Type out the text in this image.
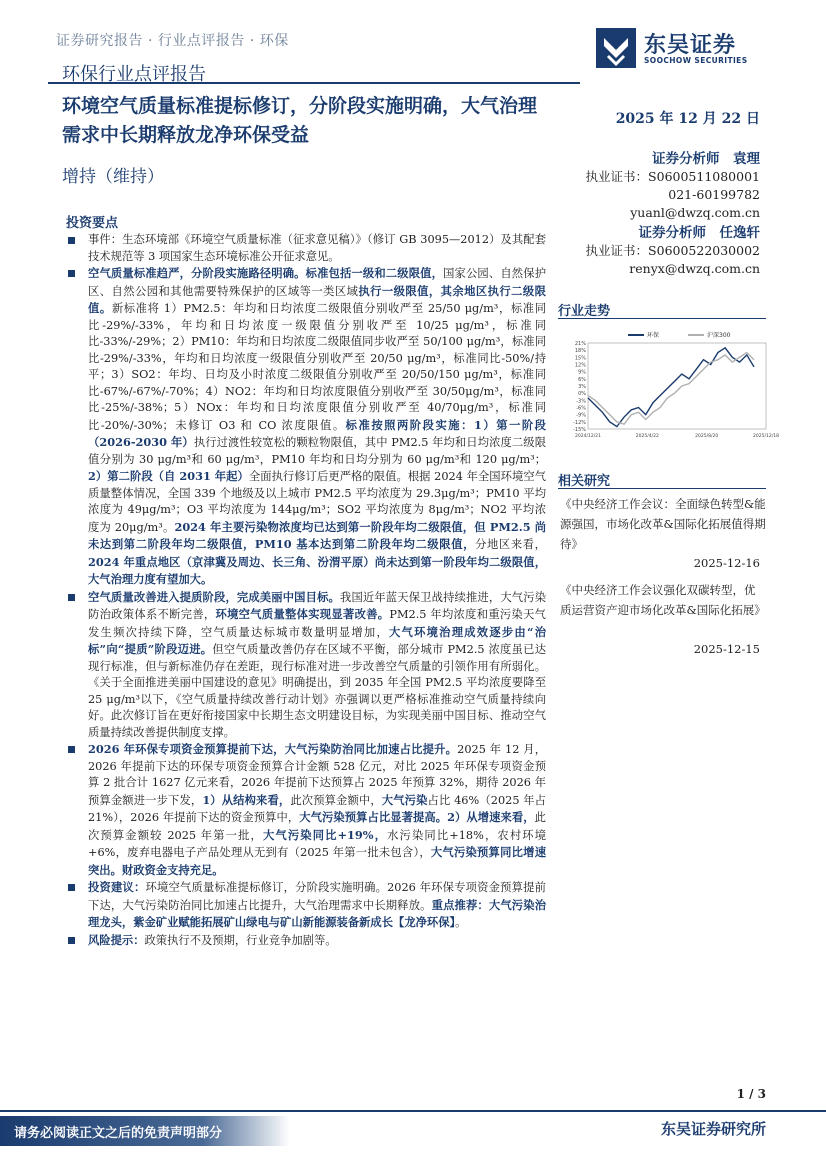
证券研究报告 · 行业点评报告 · 环保	东吴证券
SOOCHOW SECURITIES
环保行业点评报告
环境空气质量标准提标修订，分阶段实施明确，大气治理需求中长期释放龙净环保受益
增持（维持）
2025 年 12 月 22 日
证券分析师　袁理
执业证书：S0600511080001
021-60199782
yuanl@dwzq.com.cn
证券分析师　任逸轩
执业证书：S0600522030002
renyx@dwzq.com.cn
投资要点

事件：生态环境部《环境空气质量标准（征求意见稿）》（修订 GB 3095—2012）及其配套技术规范等 3 项国家生态环境标准公开征求意见。

空气质量标准趋严，分阶段实施路径明确。标准包括一级和二级限值，国家公园、自然保护区、自然公园和其他需要特殊保护的区域等一类区域执行一级限值，其余地区执行二级限值。新标准将 1）PM2.5：年均和日均浓度二级限值分别收严至 25/50 μg/m³，标准同比-29%/-33%，年均和日均浓度一级限值分别收严至 10/25 μg/m³，标准同比-33%/-29%；2）PM10：年均和日均浓度二级限值同步收严至 50/100 μg/m³，标准同比-29%/-33%，年均和日均浓度一级限值分别收严至 20/50 μg/m³，标准同比-50%/持平；3）SO2：年均、日均及小时浓度二级限值分别收严至 20/50/150 μg/m³，标准同比-67%/-67%/-70%；4）NO2：年均和日均浓度限值分别收严至 30/50μg/m³，标准同比-25%/-38%；5）NOx：年均和日均浓度限值分别收严至 40/70μg/m³，标准同比-20%/-30%；未修订 O3 和 CO 浓度限值。标准按照两阶段实施：1）第一阶段（2026-2030 年）执行过渡性较宽松的颗粒物限值，其中 PM2.5 年均和日均浓度二级限值分别为 30 μg/m³和 60 μg/m³，PM10 年均和日均分别为 60 μg/m³和 120 μg/m³；2）第二阶段（自 2031 年起）全面执行修订后更严格的限值。根据 2024 年全国环境空气质量整体情况，全国 339 个地级及以上城市 PM2.5 平均浓度为 29.3μg/m³；PM10 平均浓度为 49μg/m³；O3 平均浓度为 144μg/m³；SO2 平均浓度为 8μg/m³；NO2 平均浓度为 20μg/m³。2024 年主要污染物浓度均已达到第一阶段年均二级限值，但 PM2.5 尚未达到第二阶段年均二级限值，PM10 基本达到第二阶段年均二级限值，分地区来看，2024 年重点地区（京津冀及周边、长三角、汾渭平原）尚未达到第一阶段年均二级限值，大气治理力度有望加大。

空气质量改善进入提质阶段，完成美丽中国目标。我国近年蓝天保卫战持续推进，大气污染防治政策体系不断完善，环境空气质量整体实现显著改善。PM2.5 年均浓度和重污染天气发生频次持续下降，空气质量达标城市数量明显增加，大气环境治理成效逐步由“治标”向“提质”阶段迈进。但空气质量改善仍存在区域不平衡，部分城市 PM2.5 浓度虽已达现行标准，但与新标准仍存在差距，现行标准对进一步改善空气质量的引领作用有所弱化。《关于全面推进美丽中国建设的意见》明确提出，到 2035 年全国 PM2.5 平均浓度要降至 25 μg/m³以下，《空气质量持续改善行动计划》亦强调以更严格标准推动空气质量持续向好。此次修订旨在更好衔接国家中长期生态文明建设目标，为实现美丽中国目标、推动空气质量持续改善提供制度支撑。

2026 年环保专项资金预算提前下达，大气污染防治同比加速占比提升。2025 年 12 月，2026 年提前下达的环保专项资金预算合计金额 528 亿元，对比 2025 年环保专项资金预算 2 批合计 1627 亿元来看，2026 年提前下达预算占 2025 年预算 32%，期待 2026 年预算金额进一步下发，1）从结构来看，此次预算金额中，大气污染占比 46%（2025 年占 21%），2026 年提前下达的资金预算中，大气污染预算占比显著提高。2）从增速来看，此次预算金额较 2025 年第一批，大气污染同比+19%，水污染同比+18%，农村环境+6%，废弃电器电子产品处理从无到有（2025 年第一批未包含），大气污染预算同比增速突出。财政资金支持充足。

投资建议：环境空气质量标准提标修订，分阶段实施明确。2026 年环保专项资金预算提前下达，大气污染防治同比加速占比提升，大气治理需求中长期释放。重点推荐：大气污染治理龙头，紫金矿业赋能拓展矿山绿电与矿山新能源装备新成长【龙净环保】。

风险提示：政策执行不及预期，行业竞争加剧等。

行业走势
21%
18%
15%
12%
9%
6%
3%
0%
-3%
-6%
-9%
-12%
-15%
2024/12/21	2025/4/22	2025/8/20	2025/12/18
环保	沪深300
相关研究
《中央经济工作会议：全面绿色转型&能源强国，市场化改革&国际化拓展值得期待》
2025-12-16
《中央经济工作会议强化双碳转型，优质运营资产迎市场化改革&国际化拓展》
2025-12-15
1 / 3
请务必阅读正文之后的免责声明部分	东吴证券研究所
